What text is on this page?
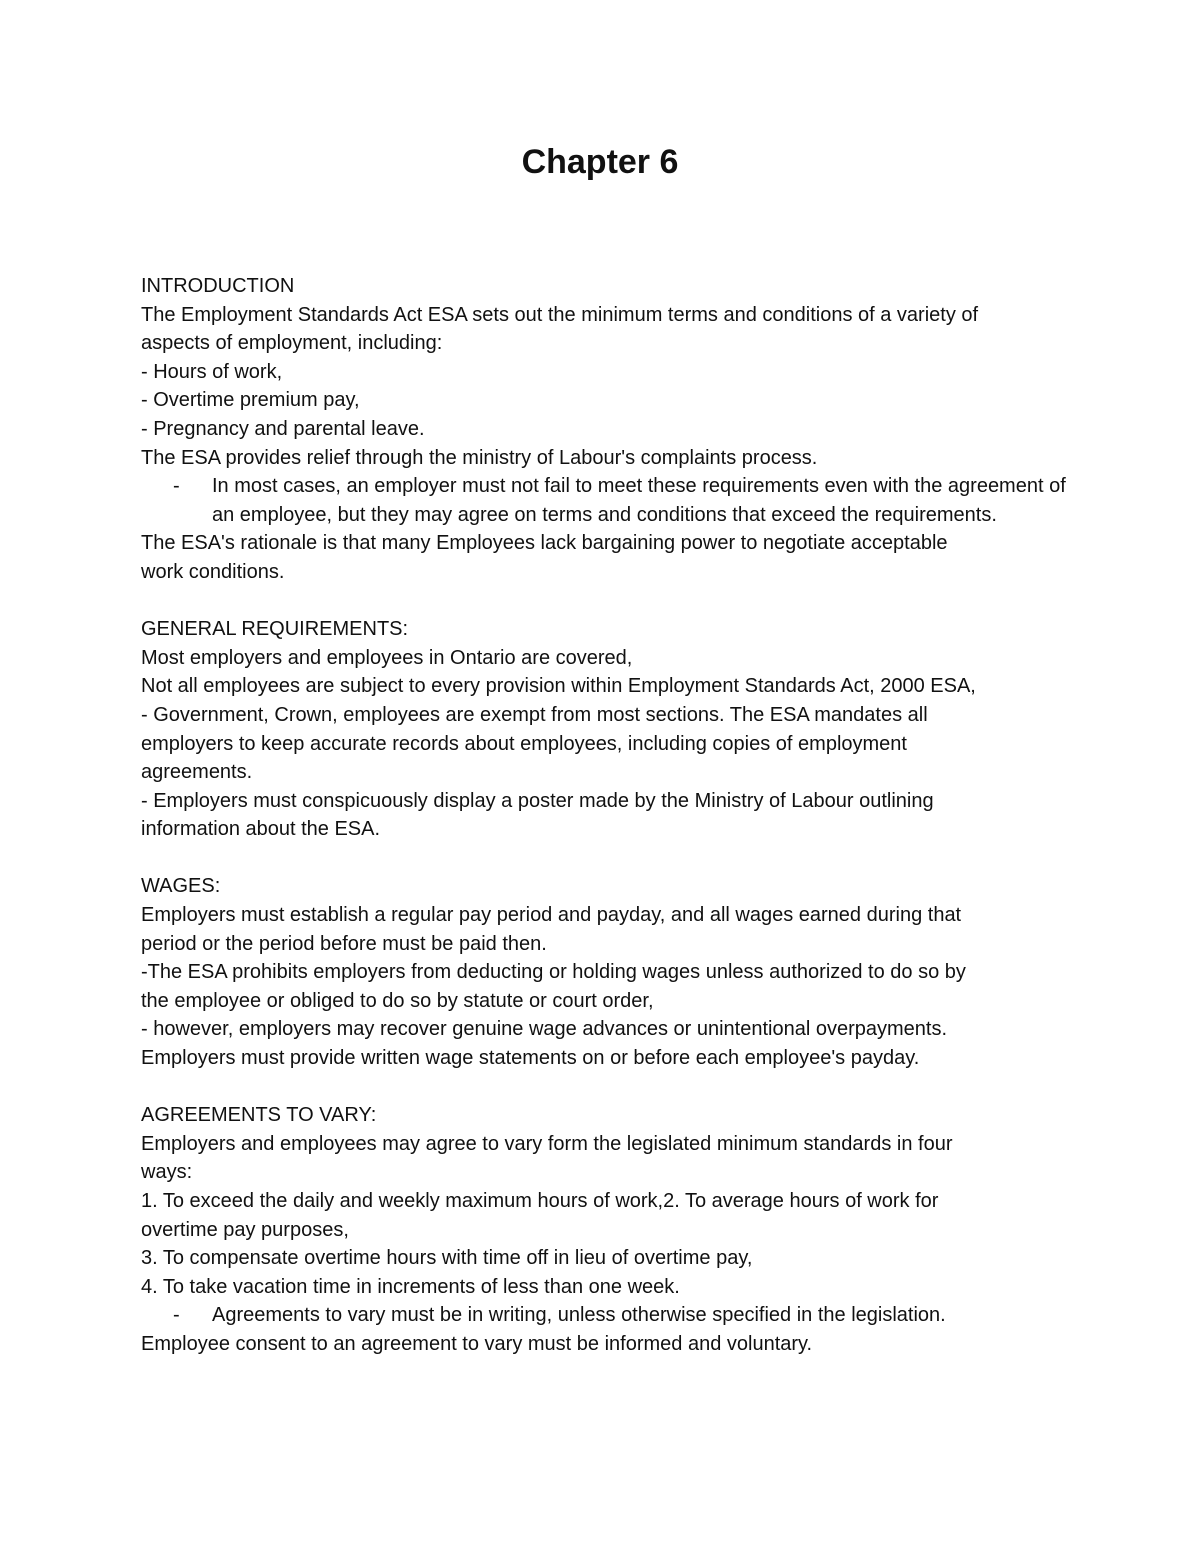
Chapter 6
INTRODUCTION
The Employment Standards Act ESA sets out the minimum terms and conditions of a variety of
aspects of employment, including:
- Hours of work,
- Overtime premium pay,
- Pregnancy and parental leave.
The ESA provides relief through the ministry of Labour's complaints process.
- In most cases, an employer must not fail to meet these requirements even with the agreement of an employee, but they may agree on terms and conditions that exceed the requirements.
The ESA's rationale is that many Employees lack bargaining power to negotiate acceptable
work conditions.
GENERAL REQUIREMENTS:
Most employers and employees in Ontario are covered,
Not all employees are subject to every provision within Employment Standards Act, 2000 ESA,
- Government, Crown, employees are exempt from most sections. The ESA mandates all
employers to keep accurate records about employees, including copies of employment
agreements.
- Employers must conspicuously display a poster made by the Ministry of Labour outlining
information about the ESA.
WAGES:
Employers must establish a regular pay period and payday, and all wages earned during that
period or the period before must be paid then.
-The ESA prohibits employers from deducting or holding wages unless authorized to do so by
the employee or obliged to do so by statute or court order,
- however, employers may recover genuine wage advances or unintentional overpayments.
Employers must provide written wage statements on or before each employee's payday.
AGREEMENTS TO VARY:
Employers and employees may agree to vary form the legislated minimum standards in four
ways:
1. To exceed the daily and weekly maximum hours of work,2. To average hours of work for
overtime pay purposes,
3. To compensate overtime hours with time off in lieu of overtime pay,
4. To take vacation time in increments of less than one week.
- Agreements to vary must be in writing, unless otherwise specified in the legislation.
Employee consent to an agreement to vary must be informed and voluntary.
